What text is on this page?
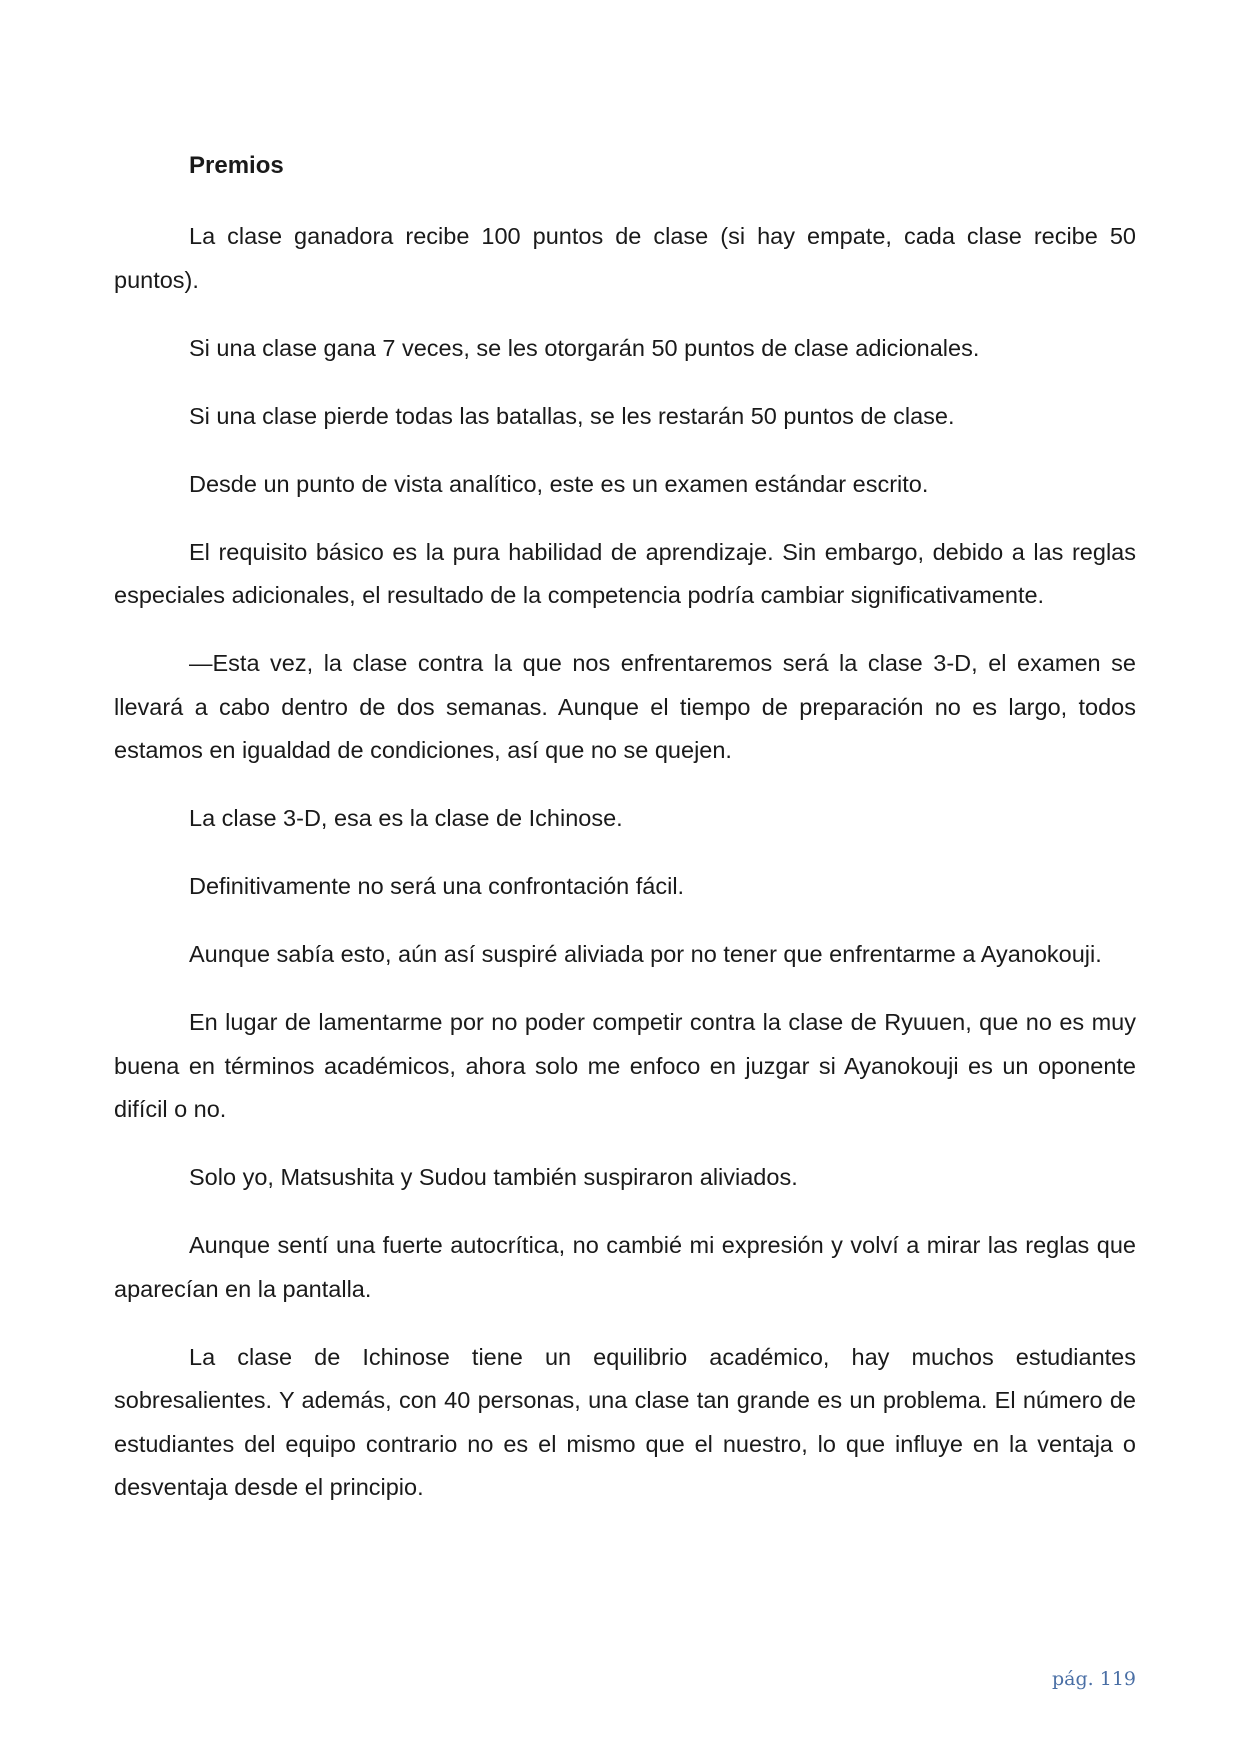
Premios

La clase ganadora recibe 100 puntos de clase (si hay empate, cada clase recibe 50 puntos).

Si una clase gana 7 veces, se les otorgarán 50 puntos de clase adicionales.

Si una clase pierde todas las batallas, se les restarán 50 puntos de clase.

Desde un punto de vista analítico, este es un examen estándar escrito.

El requisito básico es la pura habilidad de aprendizaje. Sin embargo, debido a las reglas especiales adicionales, el resultado de la competencia podría cambiar significativamente.

—Esta vez, la clase contra la que nos enfrentaremos será la clase 3-D, el examen se llevará a cabo dentro de dos semanas. Aunque el tiempo de preparación no es largo, todos estamos en igualdad de condiciones, así que no se quejen.

La clase 3-D, esa es la clase de Ichinose.

Definitivamente no será una confrontación fácil.

Aunque sabía esto, aún así suspiré aliviada por no tener que enfrentarme a Ayanokouji.

En lugar de lamentarme por no poder competir contra la clase de Ryuuen, que no es muy buena en términos académicos, ahora solo me enfoco en juzgar si Ayanokouji es un oponente difícil o no.

Solo yo, Matsushita y Sudou también suspiraron aliviados.

Aunque sentí una fuerte autocrítica, no cambié mi expresión y volví a mirar las reglas que aparecían en la pantalla.

La clase de Ichinose tiene un equilibrio académico, hay muchos estudiantes sobresalientes. Y además, con 40 personas, una clase tan grande es un problema. El número de estudiantes del equipo contrario no es el mismo que el nuestro, lo que influye en la ventaja o desventaja desde el principio.

pág. 119
